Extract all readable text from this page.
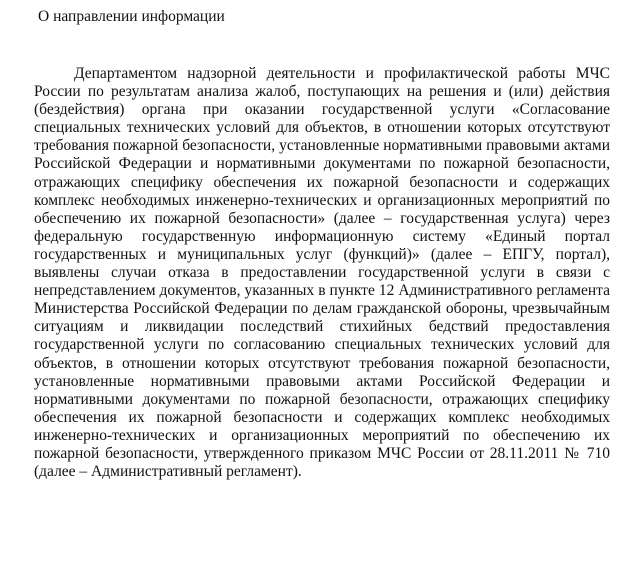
О направлении информации

Департаментом надзорной деятельности и профилактической работы МЧС России по результатам анализа жалоб, поступающих на решения и (или) действия (бездействия) органа при оказании государственной услуги «Согласование специальных технических условий для объектов, в отношении которых отсутствуют требования пожарной безопасности, установленные нормативными правовыми актами Российской Федерации и нормативными документами по пожарной безопасности, отражающих специфику обеспечения их пожарной безопасности и содержащих комплекс необходимых инженерно-технических и организационных мероприятий по обеспечению их пожарной безопасности» (далее – государственная услуга) через федеральную государственную информационную систему «Единый портал государственных и муниципальных услуг (функций)» (далее – ЕПГУ, портал), выявлены случаи отказа в предоставлении государственной услуги в связи с непредставлением документов, указанных в пункте 12 Административного регламента Министерства Российской Федерации по делам гражданской обороны, чрезвычайным ситуациям и ликвидации последствий стихийных бедствий предоставления государственной услуги по согласованию специальных технических условий для объектов, в отношении которых отсутствуют требования пожарной безопасности, установленные нормативными правовыми актами Российской Федерации и нормативными документами по пожарной безопасности, отражающих специфику обеспечения их пожарной безопасности и содержащих комплекс необходимых инженерно-технических и организационных мероприятий по обеспечению их пожарной безопасности, утвержденного приказом МЧС России от 28.11.2011 № 710 (далее – Административный регламент).
